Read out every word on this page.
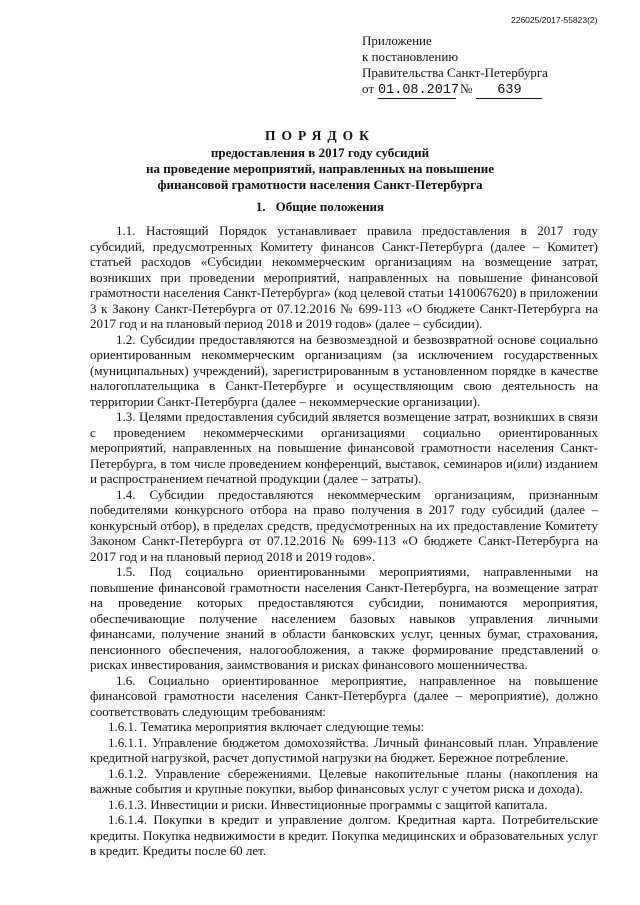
226025/2017-55823(2)
Приложение
к постановлению
Правительства Санкт-Петербурга
от 01.08.2017№ 639
ПОРЯДОК
предоставления в 2017 году субсидий
на проведение мероприятий, направленных на повышение
финансовой грамотности населения Санкт-Петербурга
1. Общие положения

1.1. Настоящий Порядок устанавливает правила предоставления в 2017 году субсидий, предусмотренных Комитету финансов Санкт-Петербурга (далее – Комитет) статьей расходов «Субсидии некоммерческим организациям на возмещение затрат, возникших при проведении мероприятий, направленных на повышение финансовой грамотности населения Санкт-Петербурга» (код целевой статьи 1410067620) в приложении 3 к Закону Санкт-Петербурга от 07.12.2016 № 699-113 «О бюджете Санкт-Петербурга на 2017 год и на плановый период 2018 и 2019 годов» (далее – субсидии).

1.2. Субсидии предоставляются на безвозмездной и безвозвратной основе социально ориентированным некоммерческим организациям (за исключением государственных (муниципальных) учреждений), зарегистрированным в установленном порядке в качестве налогоплательщика в Санкт-Петербурге и осуществляющим свою деятельность на территории Санкт-Петербурга (далее – некоммерческие организации).

1.3. Целями предоставления субсидий является возмещение затрат, возникших в связи с проведением некоммерческими организациями социально ориентированных мероприятий, направленных на повышение финансовой грамотности населения Санкт-Петербурга, в том числе проведением конференций, выставок, семинаров и(или) изданием и распространением печатной продукции (далее – затраты).

1.4. Субсидии предоставляются некоммерческим организациям, признанным победителями конкурсного отбора на право получения в 2017 году субсидий (далее – конкурсный отбор), в пределах средств, предусмотренных на их предоставление Комитету Законом Санкт-Петербурга от 07.12.2016 № 699-113 «О бюджете Санкт-Петербурга на 2017 год и на плановый период 2018 и 2019 годов».

1.5. Под социально ориентированными мероприятиями, направленными на повышение финансовой грамотности населения Санкт-Петербурга, на возмещение затрат на проведение которых предоставляются субсидии, понимаются мероприятия, обеспечивающие получение населением базовых навыков управления личными финансами, получение знаний в области банковских услуг, ценных бумаг, страхования, пенсионного обеспечения, налогообложения, а также формирование представлений о рисках инвестирования, заимствования и рисках финансового мошенничества.

1.6. Социально ориентированное мероприятие, направленное на повышение финансовой грамотности населения Санкт-Петербурга (далее – мероприятие), должно соответствовать следующим требованиям:

1.6.1. Тематика мероприятия включает следующие темы:

1.6.1.1. Управление бюджетом домохозяйства. Личный финансовый план. Управление кредитной нагрузкой, расчет допустимой нагрузки на бюджет. Бережное потребление.

1.6.1.2. Управление сбережениями. Целевые накопительные планы (накопления на важные события и крупные покупки, выбор финансовых услуг с учетом риска и дохода).

1.6.1.3. Инвестиции и риски. Инвестиционные программы с защитой капитала.

1.6.1.4. Покупки в кредит и управление долгом. Кредитная карта. Потребительские кредиты. Покупка недвижимости в кредит. Покупка медицинских и образовательных услуг в кредит. Кредиты после 60 лет.
